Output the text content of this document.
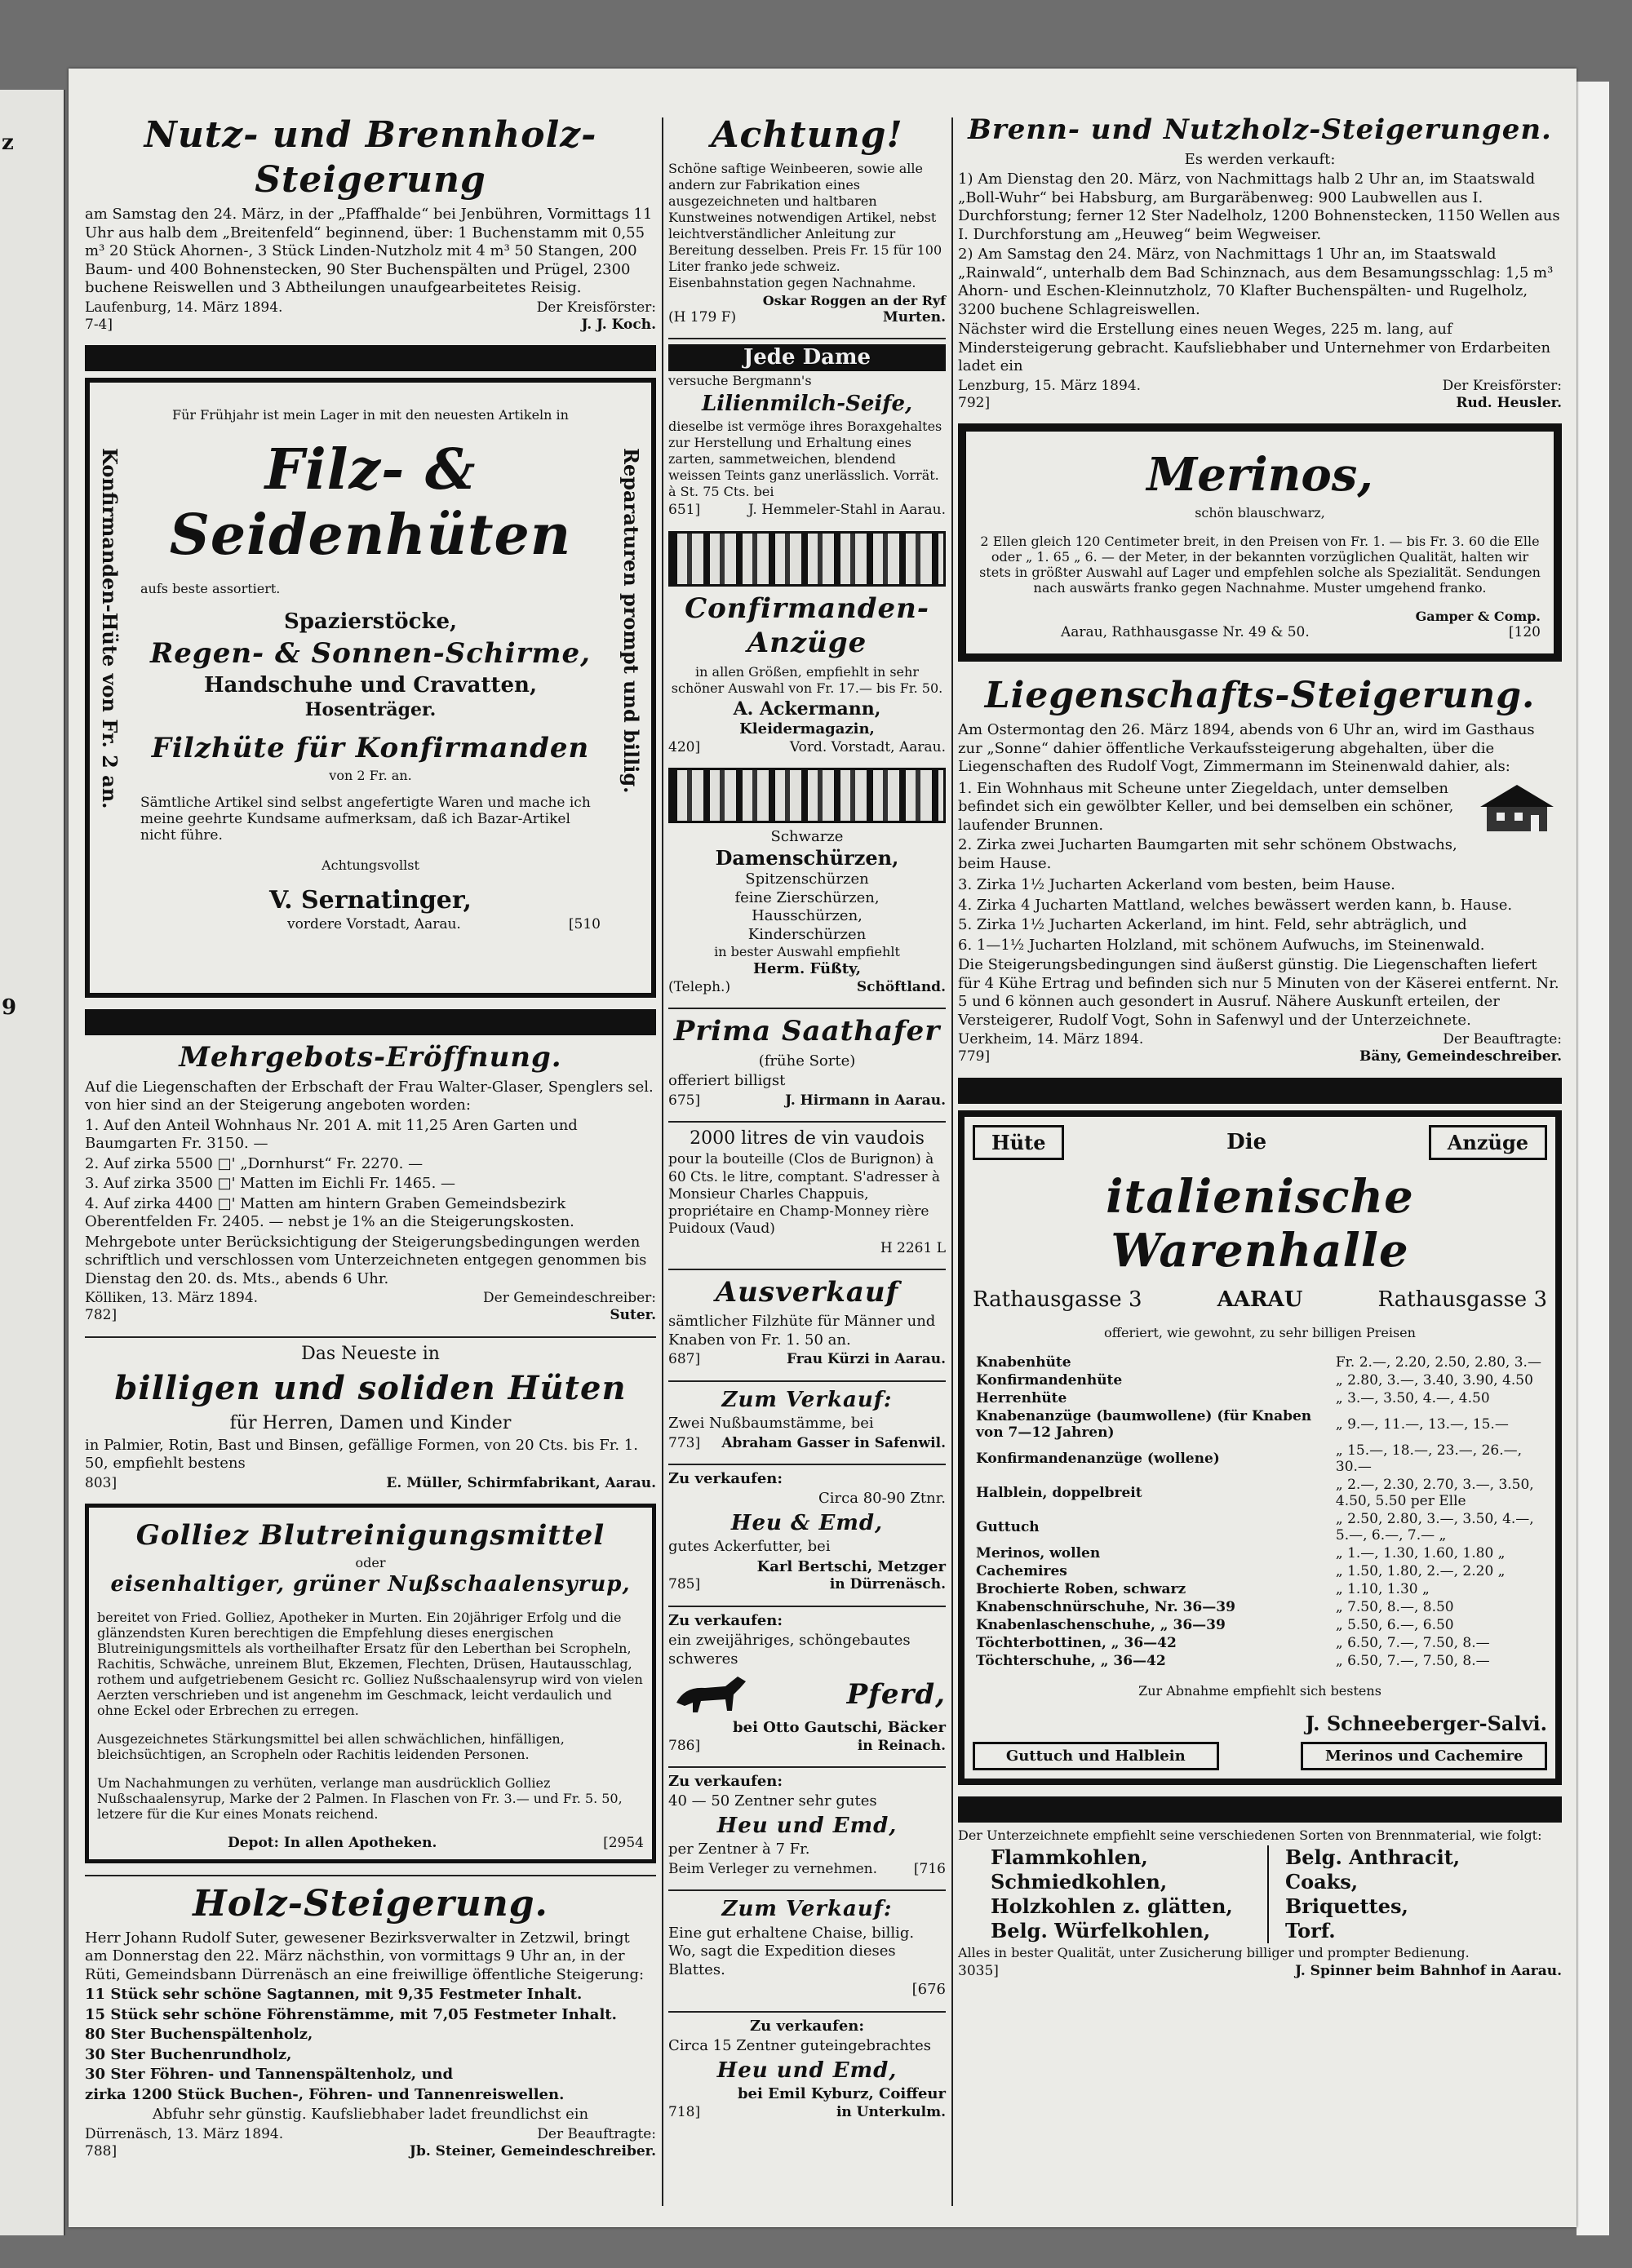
z
9
Nutz- und Brennholz-Steigerung

am Samstag den 24. März, in der „Pfaffhalde“ bei Jenbühren, Vormittags 11 Uhr aus halb dem „Breitenfeld“ beginnend, über: 1 Buchenstamm mit 0,55 m³ 20 Stück Ahornen-, 3 Stück Linden-Nutzholz mit 4 m³ 50 Stangen, 200 Baum- und 400 Bohnenstecken, 90 Ster Buchenspälten und Prügel, 2300 buchene Reiswellen und 3 Abtheilungen unaufgearbeitetes Reisig.

Laufenburg, 14. März 1894.	Der Kreisförster:
7-4]	J. J. Koch.
Konfirmanden-Hüte von Fr. 2 an.	Reparaturen prompt und billig.

Für Frühjahr ist mein Lager in mit den neuesten Artikeln in

Filz- & Seidenhüten

aufs beste assortiert.

Spazierstöcke,
Regen- & Sonnen-Schirme,
Handschuhe und Cravatten,
Hosenträger.
Filzhüte für Konfirmanden
von 2 Fr. an.

Sämtliche Artikel sind selbst angefertigte Waren und mache ich meine geehrte Kundsame aufmerksam, daß ich Bazar-Artikel nicht führe.

Achtungsvollst

V. Sernatinger,
vordere Vorstadt, Aarau.	[510
Mehrgebots-Eröffnung.

Auf die Liegenschaften der Erbschaft der Frau Walter-Glaser, Spenglers sel. von hier sind an der Steigerung angeboten worden:

1. Auf den Anteil Wohnhaus Nr. 201 A. mit 11,25 Aren Garten und Baumgarten Fr. 3150. —

2. Auf zirka 5500 □' „Dornhurst“ Fr. 2270. —

3. Auf zirka 3500 □' Matten im Eichli Fr. 1465. —

4. Auf zirka 4400 □' Matten am hintern Graben Gemeindsbezirk Oberentfelden Fr. 2405. — nebst je 1% an die Steigerungskosten.

Mehrgebote unter Berücksichtigung der Steigerungsbedingungen werden schriftlich und verschlossen vom Unterzeichneten entgegen genommen bis Dienstag den 20. ds. Mts., abends 6 Uhr.

Kölliken, 13. März 1894.	Der Gemeindeschreiber:
782]	Suter.
Das Neueste in
billigen und soliden Hüten
für Herren, Damen und Kinder

in Palmier, Rotin, Bast und Binsen, gefällige Formen, von 20 Cts. bis Fr. 1. 50, empfiehlt bestens

803]	E. Müller, Schirmfabrikant, Aarau.
Golliez Blutreinigungsmittel
oder
eisenhaltiger, grüner Nußschaalensyrup,

bereitet von Fried. Golliez, Apotheker in Murten. Ein 20jähriger Erfolg und die glänzendsten Kuren berechtigen die Empfehlung dieses energischen Blutreinigungsmittels als vortheilhafter Ersatz für den Leberthan bei Scropheln, Rachitis, Schwäche, unreinem Blut, Ekzemen, Flechten, Drüsen, Hautausschlag, rothem und aufgetriebenem Gesicht rc. Golliez Nußschaalensyrup wird von vielen Aerzten verschrieben und ist angenehm im Geschmack, leicht verdaulich und ohne Eckel oder Erbrechen zu erregen.

Ausgezeichnetes Stärkungsmittel bei allen schwächlichen, hinfälligen, bleichsüchtigen, an Scropheln oder Rachitis leidenden Personen.

Um Nachahmungen zu verhüten, verlange man ausdrücklich Golliez Nußschaalensyrup, Marke der 2 Palmen. In Flaschen von Fr. 3.— und Fr. 5. 50, letzere für die Kur eines Monats reichend.

Depot: In allen Apotheken.	[2954
Holz-Steigerung.

Herr Johann Rudolf Suter, gewesener Bezirksverwalter in Zetzwil, bringt am Donnerstag den 22. März nächsthin, von vormittags 9 Uhr an, in der Rüti, Gemeindsbann Dürrenäsch an eine freiwillige öffentliche Steigerung:

11 Stück sehr schöne Sagtannen, mit 9,35 Festmeter Inhalt.

15 Stück sehr schöne Föhrenstämme, mit 7,05 Festmeter Inhalt.

80 Ster Buchenspältenholz,

30 Ster Buchenrundholz,

30 Ster Föhren- und Tannenspältenholz, und

zirka 1200 Stück Buchen-, Föhren- und Tannenreiswellen.

Abfuhr sehr günstig. Kaufsliebhaber ladet freundlichst ein

Dürrenäsch, 13. März 1894.	Der Beauftragte:
788]	Jb. Steiner, Gemeindeschreiber.
Achtung!

Schöne saftige Weinbeeren, sowie alle andern zur Fabrikation eines ausgezeichneten und haltbaren Kunstweines notwendigen Artikel, nebst leichtverständlicher Anleitung zur Bereitung desselben. Preis Fr. 15 für 100 Liter franko jede schweiz. Eisenbahnstation gegen Nachnahme.

Oskar Roggen an der Ryf
(H 179 F)	Murten.
Jede Dame

versuche Bergmann's

Lilienmilch-Seife,

dieselbe ist vermöge ihres Boraxgehaltes zur Herstellung und Erhaltung eines zarten, sammetweichen, blendend weissen Teints ganz unerlässlich. Vorrät. à St. 75 Cts. bei

651]	J. Hemmeler-Stahl in Aarau.
Confirmanden-Anzüge

in allen Größen, empfiehlt in sehr schöner Auswahl von Fr. 17.— bis Fr. 50.

A. Ackermann,
Kleidermagazin,
420]	Vord. Vorstadt, Aarau.
Schwarze
Damenschürzen,
Spitzenschürzen
feine Zierschürzen,
Hausschürzen,
Kinderschürzen
in bester Auswahl empfiehlt
Herm. Füßty,
(Teleph.)	Schöftland.
Prima Saathafer
(frühe Sorte)

offeriert billigst

675]	J. Hirmann in Aarau.
2000 litres de vin vaudois

pour la bouteille (Clos de Burignon) à 60 Cts. le litre, comptant. S'adresser à Monsieur Charles Chappuis, propriétaire en Champ-Monney rière Puidoux (Vaud)

H 2261 L
Ausverkauf

sämtlicher Filzhüte für Männer und Knaben von Fr. 1. 50 an.

687]	Frau Kürzi in Aarau.
Zum Verkauf:

Zwei Nußbaumstämme, bei

773] Abraham Gasser in Safenwil.
Zu verkaufen:

Circa 80-90 Ztnr.

Heu & Emd,

gutes Ackerfutter, bei

Karl Bertschi, Metzger
785]	in Dürrenäsch.
Zu verkaufen:

ein zweijähriges, schöngebautes schweres

Pferd,
bei Otto Gautschi, Bäcker
786]	in Reinach.
Zu verkaufen:

40 — 50 Zentner sehr gutes

Heu und Emd,

per Zentner à 7 Fr.

Beim Verleger zu vernehmen.	[716
Zum Verkauf:

Eine gut erhaltene Chaise, billig. Wo, sagt die Expedition dieses Blattes.

[676
Zu verkaufen:

Circa 15 Zentner guteingebrachtes

Heu und Emd,
bei Emil Kyburz, Coiffeur
718]	in Unterkulm.
Brenn- und Nutzholz-Steigerungen.
Es werden verkauft:

1) Am Dienstag den 20. März, von Nachmittags halb 2 Uhr an, im Staatswald „Boll-Wuhr“ bei Habsburg, am Burgaräbenweg: 900 Laubwellen aus I. Durchforstung; ferner 12 Ster Nadelholz, 1200 Bohnenstecken, 1150 Wellen aus I. Durchforstung am „Heuweg“ beim Wegweiser.

2) Am Samstag den 24. März, von Nachmittags 1 Uhr an, im Staatswald „Rainwald“, unterhalb dem Bad Schinznach, aus dem Besamungsschlag: 1,5 m³ Ahorn- und Eschen-Kleinnutzholz, 70 Klafter Buchenspälten- und Rugelholz, 3200 buchene Schlagreiswellen.

Nächster wird die Erstellung eines neuen Weges, 225 m. lang, auf Mindersteigerung gebracht. Kaufsliebhaber und Unternehmer von Erdarbeiten ladet ein

Lenzburg, 15. März 1894.	Der Kreisförster:
792]	Rud. Heusler.
Merinos,
schön blauschwarz,

2 Ellen gleich 120 Centimeter breit, in den Preisen von Fr. 1. — bis Fr. 3. 60 die Elle oder „ 1. 65 „ 6. — der Meter, in der bekannten vorzüglichen Qualität, halten wir stets in größter Auswahl auf Lager und empfehlen solche als Spezialität. Sendungen nach auswärts franko gegen Nachnahme. Muster umgehend franko.

Gamper & Comp.
Aarau, Rathhausgasse Nr. 49 & 50.	[120
Liegenschafts-Steigerung.

Am Ostermontag den 26. März 1894, abends von 6 Uhr an, wird im Gasthaus zur „Sonne“ dahier öffentliche Verkaufssteigerung abgehalten, über die Liegenschaften des Rudolf Vogt, Zimmermann im Steinenwald dahier, als:

1. Ein Wohnhaus mit Scheune unter Ziegeldach, unter demselben befindet sich ein gewölbter Keller, und bei demselben ein schöner, laufender Brunnen.

2. Zirka zwei Jucharten Baumgarten mit sehr schönem Obstwachs, beim Hause.

3. Zirka 1½ Jucharten Ackerland vom besten, beim Hause.

4. Zirka 4 Jucharten Mattland, welches bewässert werden kann, b. Hause.

5. Zirka 1½ Jucharten Ackerland, im hint. Feld, sehr abträglich, und

6. 1—1½ Jucharten Holzland, mit schönem Aufwuchs, im Steinenwald.

Die Steigerungsbedingungen sind äußerst günstig. Die Liegenschaften liefert für 4 Kühe Ertrag und befinden sich nur 5 Minuten von der Käserei entfernt. Nr. 5 und 6 können auch gesondert in Ausruf. Nähere Auskunft erteilen, der Versteigerer, Rudolf Vogt, Sohn in Safenwyl und der Unterzeichnete.

Uerkheim, 14. März 1894.	Der Beauftragte:
779]	Bäny, Gemeindeschreiber.
Hüte	Die	Anzüge
italienische Warenhalle
Rathausgasse 3	AARAU	Rathausgasse 3

offeriert, wie gewohnt, zu sehr billigen Preisen

Knabenhüte	Fr. 2.—, 2.20, 2.50, 2.80, 3.—
Konfirmandenhüte	„ 2.80, 3.—, 3.40, 3.90, 4.50
Herrenhüte	„ 3.—, 3.50, 4.—, 4.50
Knabenanzüge (baumwollene) (für Knaben von 7—12 Jahren)	„ 9.—, 11.—, 13.—, 15.—
Konfirmandenanzüge (wollene)	„ 15.—, 18.—, 23.—, 26.—, 30.—
Halblein, doppelbreit	„ 2.—, 2.30, 2.70, 3.—, 3.50, 4.50, 5.50 per Elle
Guttuch	„ 2.50, 2.80, 3.—, 3.50, 4.—, 5.—, 6.—, 7.— „
Merinos, wollen	„ 1.—, 1.30, 1.60, 1.80 „
Cachemires	„ 1.50, 1.80, 2.—, 2.20 „
Brochierte Roben, schwarz	„ 1.10, 1.30 „
Knabenschnürschuhe, Nr. 36—39	„ 7.50, 8.—, 8.50
Knabenlaschenschuhe, „ 36—39	„ 5.50, 6.—, 6.50
Töchterbottinen, „ 36—42	„ 6.50, 7.—, 7.50, 8.—
Töchterschuhe, „ 36—42	„ 6.50, 7.—, 7.50, 8.—

Zur Abnahme empfiehlt sich bestens

J. Schneeberger-Salvi.
Guttuch und Halblein	Merinos und Cachemire

Der Unterzeichnete empfiehlt seine verschiedenen Sorten von Brennmaterial, wie folgt:

Flammkohlen,
Schmiedkohlen,
Holzkohlen z. glätten,
Belg. Würfelkohlen,
Belg. Anthracit,
Coaks,
Briquettes,
Torf.

Alles in bester Qualität, unter Zusicherung billiger und prompter Bedienung.

3035]	J. Spinner beim Bahnhof in Aarau.
